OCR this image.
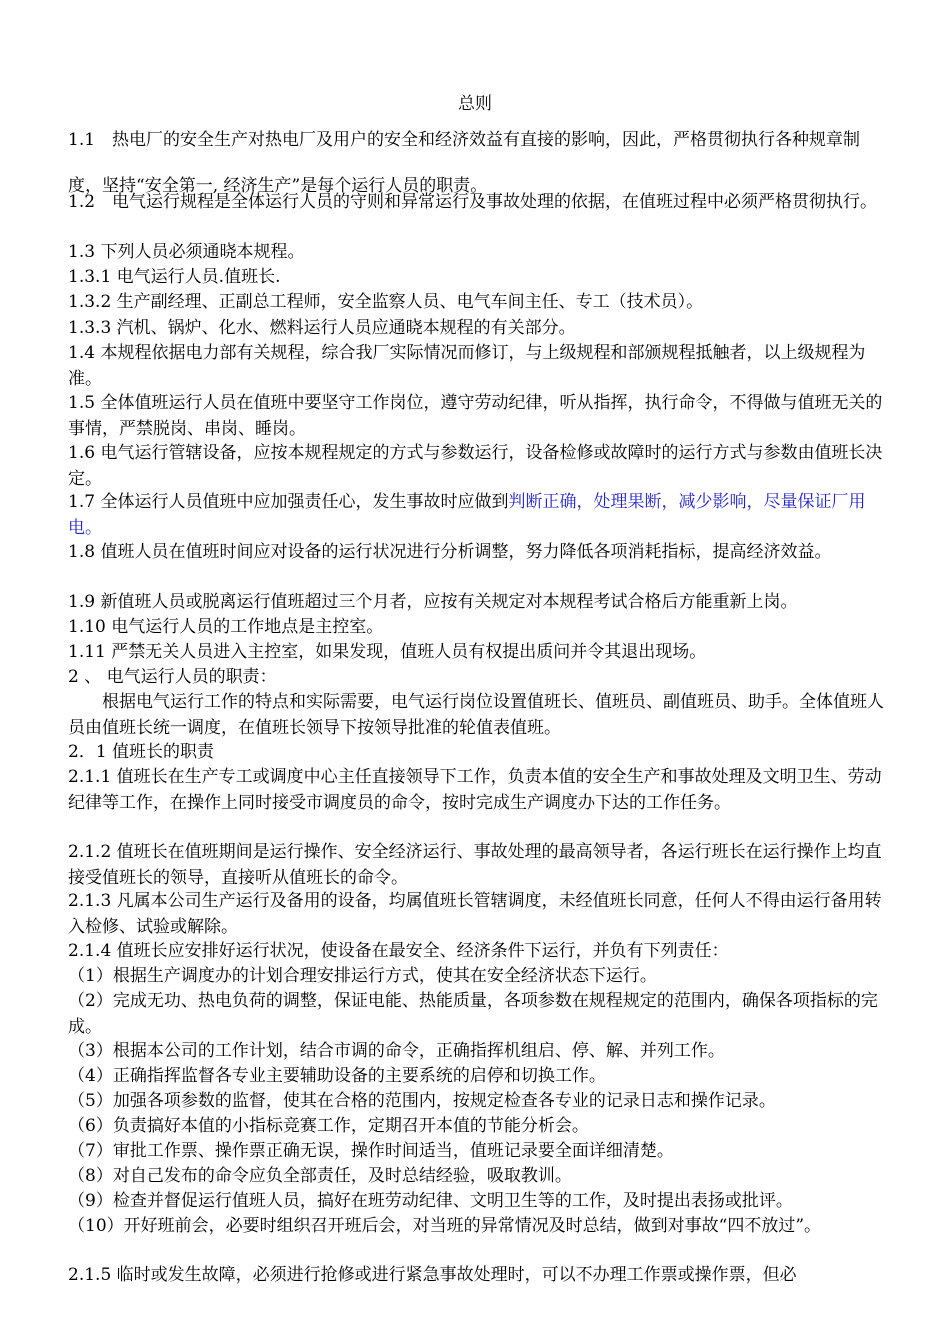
总则

1.1　热电厂的安全生产对热电厂及用户的安全和经济效益有直接的影响，因此，严格贯彻执行各种规章制度，坚持“安全第一, 经济生产”是每个运行人员的职责。

1.2　电气运行规程是全体运行人员的守则和异常运行及事故处理的依据，在值班过程中必须严格贯彻执行。

1.3 下列人员必须通晓本规程。

1.3.1 电气运行人员.值班长.

1.3.2 生产副经理、正副总工程师，安全监察人员、电气车间主任、专工（技术员）。

1.3.3 汽机、锅炉、化水、燃料运行人员应通晓本规程的有关部分。

1.4 本规程依据电力部有关规程，综合我厂实际情况而修订，与上级规程和部颁规程抵触者，以上级规程为准。

1.5 全体值班运行人员在值班中要坚守工作岗位，遵守劳动纪律，听从指挥，执行命令，不得做与值班无关的事情，严禁脱岗、串岗、睡岗。

1.6 电气运行管辖设备，应按本规程规定的方式与参数运行，设备检修或故障时的运行方式与参数由值班长决定。

1.7 全体运行人员值班中应加强责任心，发生事故时应做到判断正确，处理果断，减少影响，尽量保证厂用电。

1.8 值班人员在值班时间应对设备的运行状况进行分析调整，努力降低各项消耗指标，提高经济效益。

1.9 新值班人员或脱离运行值班超过三个月者，应按有关规定对本规程考试合格后方能重新上岗。

1.10 电气运行人员的工作地点是主控室。

1.11 严禁无关人员进入主控室，如果发现，值班人员有权提出质问并令其退出现场。

2 、 电气运行人员的职责：

根据电气运行工作的特点和实际需要，电气运行岗位设置值班长、值班员、副值班员、助手。全体值班人员由值班长统一调度，在值班长领导下按领导批准的轮值表值班。

2．1 值班长的职责

2.1.1 值班长在生产专工或调度中心主任直接领导下工作，负责本值的安全生产和事故处理及文明卫生、劳动纪律等工作，在操作上同时接受市调度员的命令，按时完成生产调度办下达的工作任务。

2.1.2 值班长在值班期间是运行操作、安全经济运行、事故处理的最高领导者，各运行班长在运行操作上均直接受值班长的领导，直接听从值班长的命令。

2.1.3 凡属本公司生产运行及备用的设备，均属值班长管辖调度，未经值班长同意，任何人不得由运行备用转入检修、试验或解除。

2.1.4 值班长应安排好运行状况，使设备在最安全、经济条件下运行，并负有下列责任：

（1）根据生产调度办的计划合理安排运行方式，使其在安全经济状态下运行。

（2）完成无功、热电负荷的调整，保证电能、热能质量，各项参数在规程规定的范围内，确保各项指标的完成。

（3）根据本公司的工作计划，结合市调的命令，正确指挥机组启、停、解、并列工作。

（4）正确指挥监督各专业主要辅助设备的主要系统的启停和切换工作。

（5）加强各项参数的监督，使其在合格的范围内，按规定检查各专业的记录日志和操作记录。

（6）负责搞好本值的小指标竞赛工作，定期召开本值的节能分析会。

（7）审批工作票、操作票正确无误，操作时间适当，值班记录要全面详细清楚。

（8）对自己发布的命令应负全部责任，及时总结经验，吸取教训。

（9）检查并督促运行值班人员，搞好在班劳动纪律、文明卫生等的工作，及时提出表扬或批评。

（10）开好班前会，必要时组织召开班后会，对当班的异常情况及时总结，做到对事故“四不放过”。

2.1.5 临时或发生故障，必须进行抢修或进行紧急事故处理时，可以不办理工作票或操作票，但必
